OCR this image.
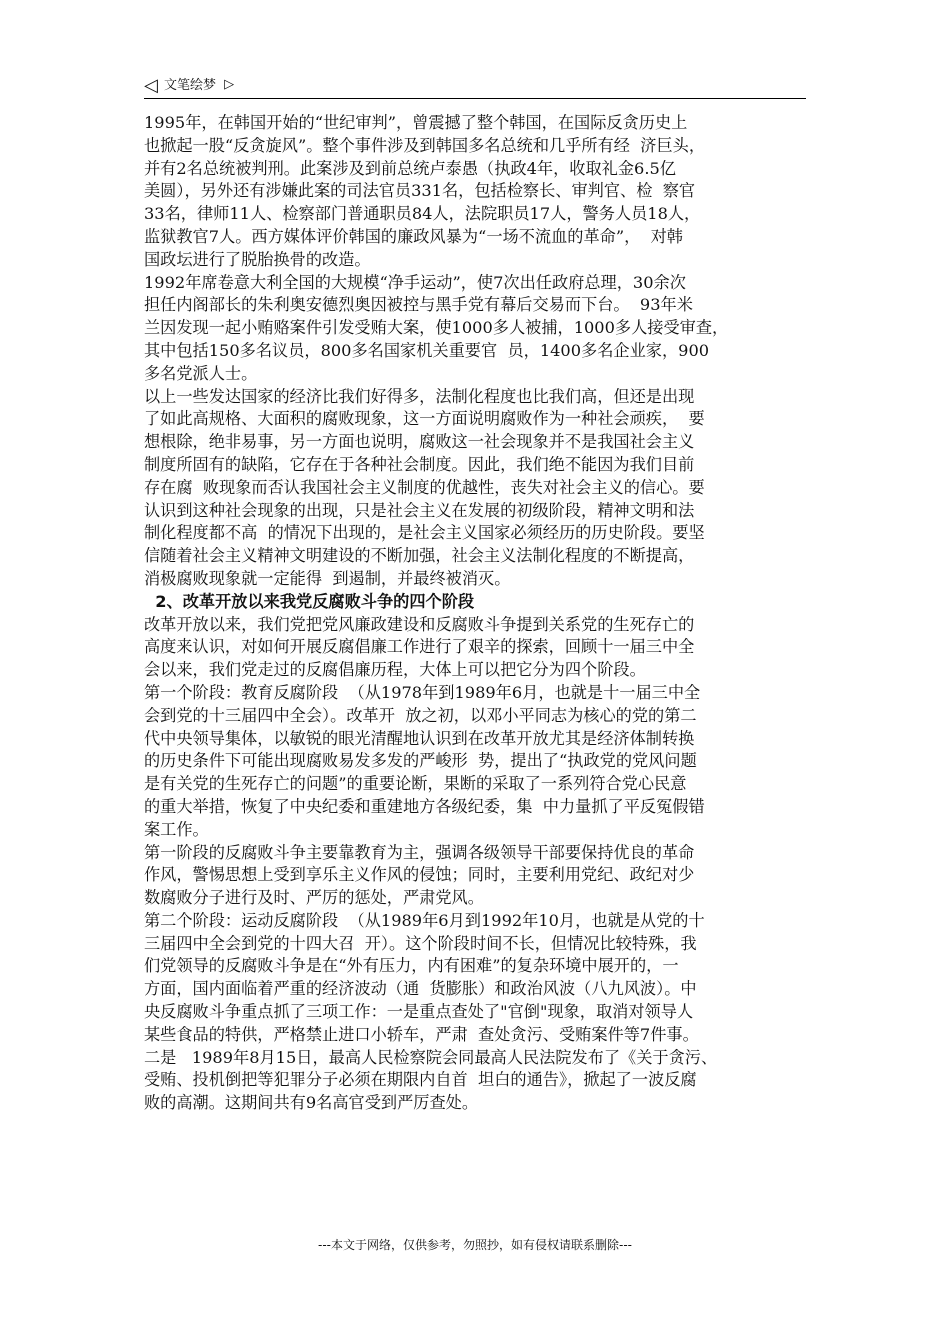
◁ 文笔绘梦 ▷
1995年，在韩国开始的“世纪审判”，曾震撼了整个韩国，在国际反贪历史上
也掀起一股“反贪旋风”。整个事件涉及到韩国多名总统和几乎所有经  济巨头，
并有2名总统被判刑。此案涉及到前总统卢泰愚（执政4年，收取礼金6.5亿
美圆），另外还有涉嫌此案的司法官员331名，包括检察长、审判官、检  察官
33名，律师11人、检察部门普通职员84人，法院职员17人，警务人员18人，
监狱教官7人。西方媒体评价韩国的廉政风暴为“一场不流血的革命”，  对韩
国政坛进行了脱胎换骨的改造。
1992年席卷意大利全国的大规模“净手运动”，使7次出任政府总理，30余次
担任内阁部长的朱利奥安德烈奥因被控与黑手党有幕后交易而下台。  93年米
兰因发现一起小贿赂案件引发受贿大案，使1000多人被捕，1000多人接受审查，
其中包括150多名议员，800多名国家机关重要官  员，1400多名企业家，900
多名党派人士。
以上一些发达国家的经济比我们好得多，法制化程度也比我们高，但还是出现
了如此高规格、大面积的腐败现象，这一方面说明腐败作为一种社会顽疾，  要
想根除，绝非易事，另一方面也说明，腐败这一社会现象并不是我国社会主义
制度所固有的缺陷，它存在于各种社会制度。因此，我们绝不能因为我们目前
存在腐  败现象而否认我国社会主义制度的优越性，丧失对社会主义的信心。要
认识到这种社会现象的出现，只是社会主义在发展的初级阶段，精神文明和法
制化程度都不高  的情况下出现的，是社会主义国家必须经历的历史阶段。要坚
信随着社会主义精神文明建设的不断加强，社会主义法制化程度的不断提高，
消极腐败现象就一定能得  到遏制，并最终被消灭。
2、改革开放以来我党反腐败斗争的四个阶段
改革开放以来，我们党把党风廉政建设和反腐败斗争提到关系党的生死存亡的
高度来认识，对如何开展反腐倡廉工作进行了艰辛的探索，回顾十一届三中全
会以来，我们党走过的反腐倡廉历程，大体上可以把它分为四个阶段。
第一个阶段：教育反腐阶段  （从1978年到1989年6月，也就是十一届三中全
会到党的十三届四中全会）。改革开  放之初，以邓小平同志为核心的党的第二
代中央领导集体，以敏锐的眼光清醒地认识到在改革开放尤其是经济体制转换
的历史条件下可能出现腐败易发多发的严峻形  势，提出了“执政党的党风问题
是有关党的生死存亡的问题”的重要论断，果断的采取了一系列符合党心民意
的重大举措，恢复了中央纪委和重建地方各级纪委，集  中力量抓了平反冤假错
案工作。
第一阶段的反腐败斗争主要靠教育为主，强调各级领导干部要保持优良的革命
作风，警惕思想上受到享乐主义作风的侵蚀；同时，主要利用党纪、政纪对少
数腐败分子进行及时、严厉的惩处，严肃党风。
第二个阶段：运动反腐阶段  （从1989年6月到1992年10月，也就是从党的十
三届四中全会到党的十四大召  开）。这个阶段时间不长，但情况比较特殊，我
们党领导的反腐败斗争是在“外有压力，内有困难”的复杂环境中展开的，一
方面，国内面临着严重的经济波动（通  货膨胀）和政治风波（八九风波）。中
央反腐败斗争重点抓了三项工作：一是重点查处了"官倒"现象，取消对领导人
某些食品的特供，严格禁止进口小轿车，严肃  查处贪污、受贿案件等7件事。
二是   1989年8月15日，最高人民检察院会同最高人民法院发布了《关于贪污、
受贿、投机倒把等犯罪分子必须在期限内自首  坦白的通告》，掀起了一波反腐
败的高潮。这期间共有9名高官受到严厉查处。
---本文于网络，仅供参考，勿照抄，如有侵权请联系删除---
